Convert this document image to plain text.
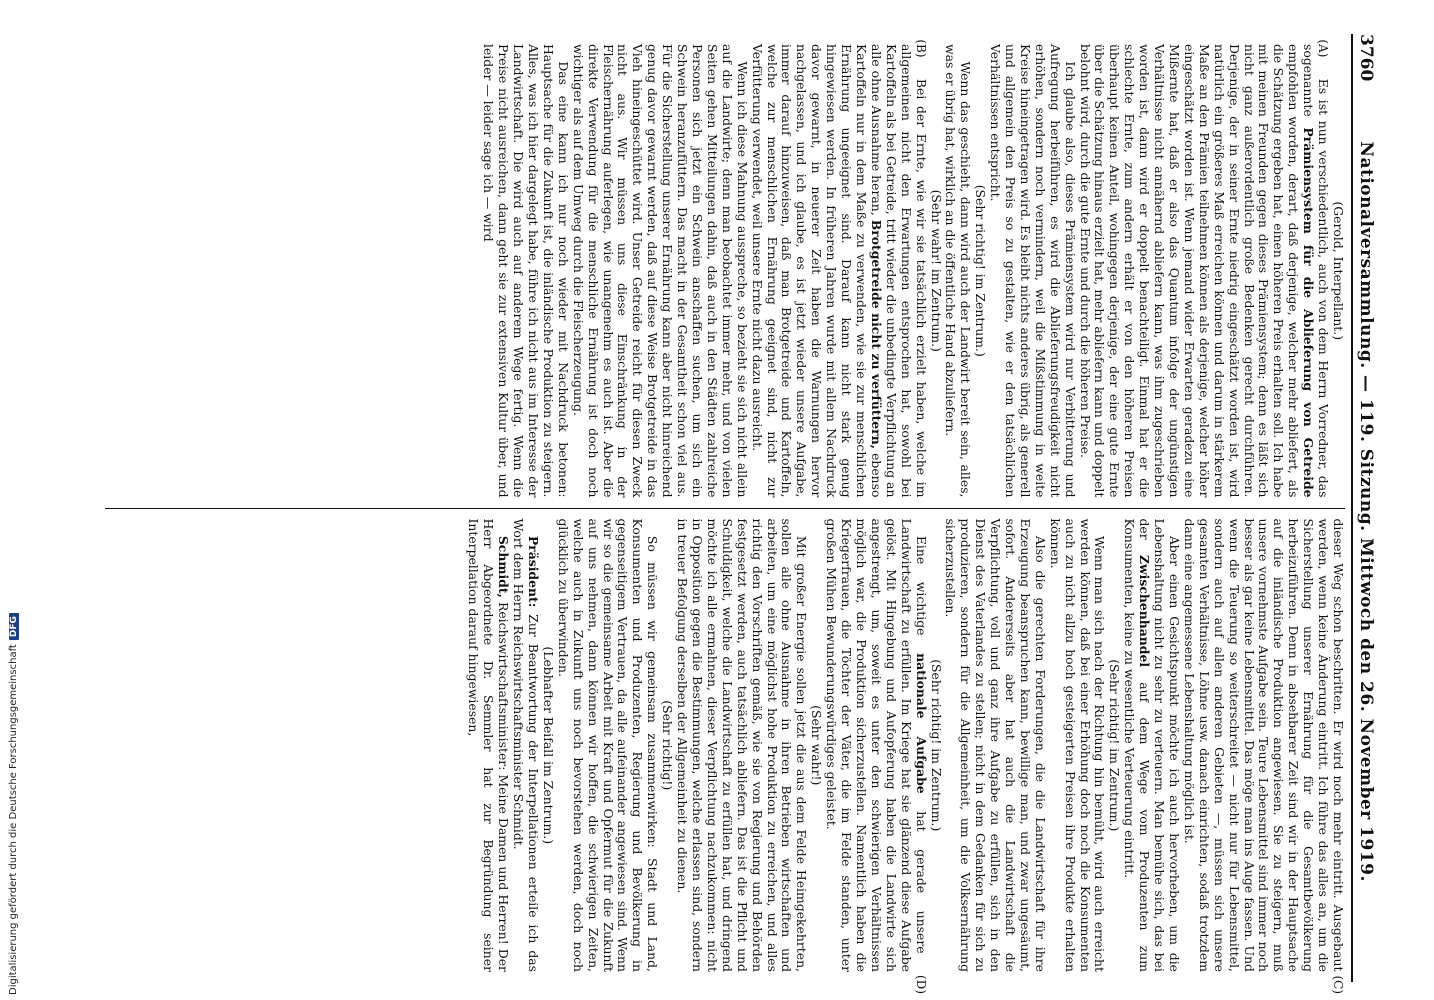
3760
Nationalversammlung. — 119. Sitzung. Mittwoch den 26. November 1919.

(Gerold, Interpellant.)

(A)
Es ist nun verschiedentlich, auch von dem Herrn Vorredner, das sogenannte Prämiensystem für die Ablieferung von Getreide empfohlen worden, derart, daß derjenige, welcher mehr abliefert, als die Schätzung ergeben hat, einen höheren Preis erhalten soll. Ich habe mit meinen Freunden gegen dieses Prämiensystem; denn es läßt sich nicht ganz außerordentlich große Bedenken gerecht durchführen. Derjenige, der in seiner Ernte niedrig eingeschätzt worden ist, wird natürlich ein größeres Maß erreichen können und darum in stärkerem Maße an den Prämien teilnehmen können als derjenige, welcher höher eingeschätzt worden ist. Wenn jemand wider Erwarten geradezu eine Mißernte hat, daß er also das Quantum infolge der ungünstigen Verhältnisse nicht annähernd abliefern kann, was ihm zugeschrieben worden ist, dann wird er doppelt benachteiligt. Einmal hat er die schlechte Ernte, zum andern erhält er von den höheren Preisen überhaupt keinen Anteil, wohingegen derjenige, der eine gute Ernte über die Schätzung hinaus erzielt hat, mehr abliefern kann und doppelt belohnt wird, durch die gute Ernte und durch die höheren Preise.

Ich glaube also, dieses Prämiensystem wird nur Verbitterung und Aufregung herbeiführen, es wird die Ablieferungsfreudigkeit nicht erhöhen, sondern noch vermindern, weil die Mißstimmung in weite Kreise hineingetragen wird. Es bleibt nichts anderes übrig, als generell und allgemein den Preis so zu gestalten, wie er den tatsächlichen Verhältnissen entspricht.

(Sehr richtig! im Zentrum.)

Wenn das geschieht, dann wird auch der Landwirt bereit sein, alles, was er übrig hat, wirklich an die öffentliche Hand abzuliefern.

(Sehr wahr! im Zentrum.)

(B)
Bei der Ernte, wie wir sie tatsächlich erzielt haben, welche im allgemeinen nicht den Erwartungen entsprochen hat, sowohl bei Kartoffeln als bei Getreide, tritt wieder die unbedingte Verpflichtung an alle ohne Ausnahme heran, Brotgetreide nicht zu verfüttern, ebenso Kartoffeln nur in dem Maße zu verwenden, wie sie zur menschlichen Ernährung ungeeignet sind. Darauf kann nicht stark genug hingewiesen werden. In früheren Jahren wurde mit allem Nachdruck davor gewarnt, in neuerer Zeit haben die Warnungen hervor nachgelassen, und ich glaube, es ist jetzt wieder unsere Aufgabe, immer darauf hinzuweisen, daß man Brotgetreide und Kartoffeln, welche zur menschlichen Ernährung geeignet sind, nicht zur Verfütterung verwendet, weil unsere Ernte nicht dazu ausreicht.

Wenn ich diese Mahnung ausspreche, so bezieht sie sich nicht allein auf die Landwirte; denn man beobachtet immer mehr, und von vielen Seiten gehen Mitteilungen dahin, daß auch in den Städten zahlreiche Personen sich jetzt ein Schwein anschaffen suchen, um sich ein Schwein heranzufüttern. Das macht in der Gesamtheit schon viel aus. Für die Sicherstellung unserer Ernährung kann aber nicht hinreichend genug davor gewarnt werden, daß auf diese Weise Brotgetreide in das Vieh hineingeschüttet wird. Unser Getreide reicht für diesen Zweck nicht aus. Wir müssen uns diese Einschränkung in der Fleischernährung auferlegen, wie unangenehm es auch ist. Aber die direkte Verwendung für die menschliche Ernährung ist doch noch wichtiger als auf dem Umweg durch die Fleischerzeugung.

Das eine kann ich nur noch wieder mit Nachdruck betonen: Hauptsache für die Zukunft ist, die inländische Produktion zu steigern. Alles, was ich hier dargelegt habe, führe ich nicht aus im Interesse der Landwirtschaft. Die wird auch auf anderem Wege fertig. Wenn die Preise nicht ausreichen, dann geht sie zur extensiven Kultur über, und leider — leider sage ich — wird

(C)
dieser Weg schon beschritten. Er wird noch mehr eintritt. Ausgebaut werden, wenn keine Änderung eintritt. Ich führe das alles an, um die Sicherstellung unserer Ernährung für die Gesamtbevölkerung herbeizuführen. Denn in absehbarer Zeit sind wir in der Hauptsache auf die inländische Produktion angewiesen. Sie zu steigern, muß unsere vornehmste Aufgabe sein. Teure Lebensmittel sind immer noch besser als gar keine Lebensmittel. Das möge man ins Auge fassen. Und wenn die Teuerung so weiterschreitet — nicht nur für Lebensmittel, sondern auch auf allen anderen Gebieten —, müssen sich unsere gesamten Verhältnisse, Löhne usw. danach einrichten, sodaß trotzdem dann eine angemessene Lebenshaltung möglich ist.

Aber einen Gesichtspunkt möchte ich auch hervorheben, um die Lebenshaltung nicht zu sehr zu verteuern. Man bemühe sich, das bei der Zwischenhandel auf dem Wege vom Produzenten zum Konsumenten, keine zu wesentliche Verteuerung eintritt.

(Sehr richtig! im Zentrum.)

Wenn man sich nach der Richtung hin bemüht, wird auch erreicht werden können, daß bei einer Erhöhung doch noch die Konsumenten auch zu nicht allzu hoch gesteigerten Preisen ihre Produkte erhalten können.

Also die gerechten Forderungen, die die Landwirtschaft für ihre Erzeugung beanspruchen kann, bewillige man, und zwar ungesäumt, sofort. Andererseits aber hat auch die Landwirtschaft die Verpflichtung, voll und ganz ihre Aufgabe zu erfüllen, sich in den Dienst des Vaterlandes zu stellen; nicht in dem Gedanken für sich zu produzieren, sondern für die Allgemeinheit, um die Volksernährung sicherzustellen.

(Sehr richtig! im Zentrum.)

(D)
Eine wichtige nationale Aufgabe hat gerade unsere Landwirtschaft zu erfüllen. Im Kriege hat sie glänzend diese Aufgabe gelöst. Mit Hingebung und Aufopferung haben die Landwirte sich angestrengt, um, soweit es unter den schwierigen Verhältnissen möglich war, die Produktion sicherzustellen. Namentlich haben die Kriegerfrauen, die Töchter der Väter, die im Felde standen, unter großen Mühen Bewunderungswürdiges geleistet.

(Sehr wahr!)

Mit großer Energie sollen jetzt die aus dem Felde Heimgekehrten, sollen alle ohne Ausnahme in ihren Betrieben wirtschaften und arbeiten, um eine möglichst hohe Produktion zu erreichen, und alles richtig den Vorschriften gemäß, wie sie von Regierung und Behörden festgesetzt werden, auch tatsächlich abliefern. Das ist die Pflicht und Schuldigkeit, welche die Landwirtschaft zu erfüllen hat, und dringend möchte ich alle ermahnen, dieser Verpflichtung nachzukommen: nicht in Opposition gegen die Bestimmungen, welche erlassen sind, sondern in treuer Befolgung derselben der Allgemeinheit zu dienen.

(Sehr richtig!)

So müssen wir gemeinsam zusammenwirken: Stadt und Land, Konsumenten und Produzenten, Regierung und Bevölkerung in gegenseitigem Vertrauen, da alle aufeinander angewiesen sind. Wenn wir so die gemeinsame Arbeit mit Kraft und Opfermut für die Zukunft auf uns nehmen, dann können wir hoffen, die schwierigen Zeiten, welche auch in Zukunft uns noch bevorstehen werden, doch noch glücklich zu überwinden.

(Lebhafter Beifall im Zentrum.)

Präsident: Zur Beantwortung der Interpellationen erteile ich das Wort dem Herrn Reichswirtschaftsminister Schmidt.

Schmidt, Reichswirtschaftsminister: Meine Damen und Herren! Der Herr Abgeordnete Dr. Semmler hat zur Begründung seiner Interpellation darauf hingewiesen,

Digitalisierung gefördert durch die Deutsche Forschungsgemeinschaft
DFG
